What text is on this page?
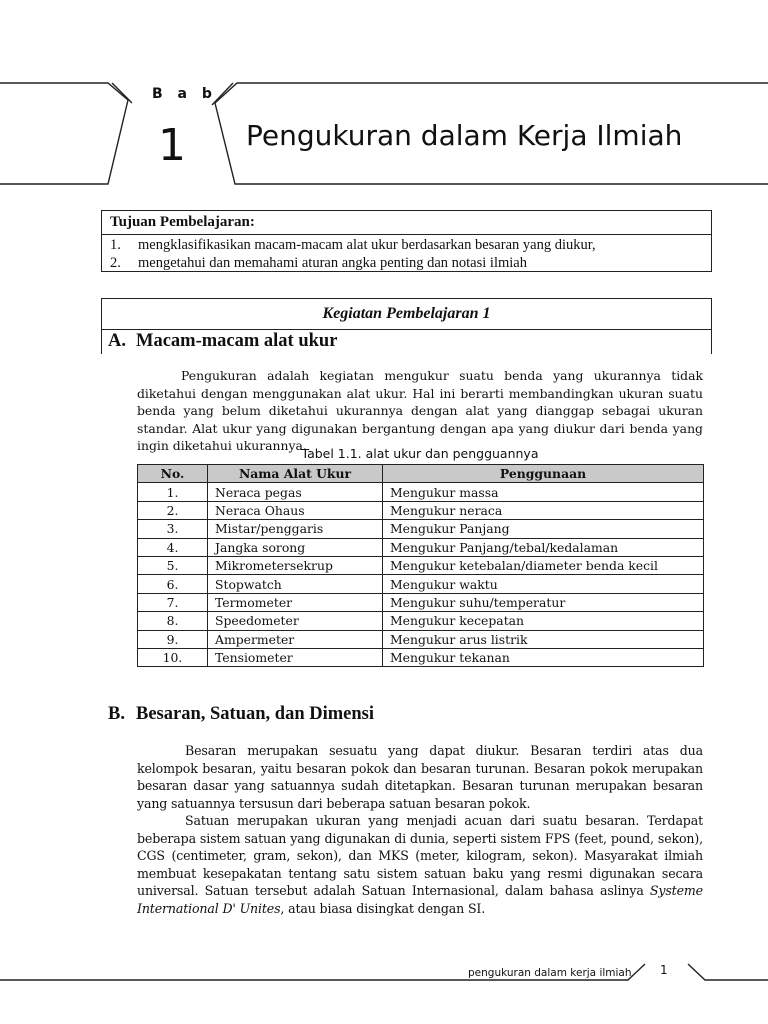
B a b
1 Pengukuran dalam Kerja Ilmiah
Tujuan Pembelajaran:
1. mengklasifikasikan macam-macam alat ukur berdasarkan besaran yang diukur,
2. mengetahui dan memahami aturan angka penting dan notasi ilmiah
Kegiatan Pembelajaran 1
A. Macam-macam alat ukur

Pengukuran adalah kegiatan mengukur suatu benda yang ukurannya tidak diketahui dengan menggunakan alat ukur. Hal ini berarti membandingkan ukuran suatu benda yang belum diketahui ukurannya dengan alat yang dianggap sebagai ukuran standar. Alat ukur yang digunakan bergantung dengan apa yang diukur dari benda yang ingin diketahui ukurannya.

Tabel 1.1. alat ukur dan pengguannya
No.	Nama Alat Ukur	Penggunaan
1.	Neraca pegas	Mengukur massa
2.	Neraca Ohaus	Mengukur neraca
3.	Mistar/penggaris	Mengukur Panjang
4.	Jangka sorong	Mengukur Panjang/tebal/kedalaman
5.	Mikrometersekrup	Mengukur ketebalan/diameter benda kecil
6.	Stopwatch	Mengukur waktu
7.	Termometer	Mengukur suhu/temperatur
8.	Speedometer	Mengukur kecepatan
9.	Ampermeter	Mengukur arus listrik
10.	Tensiometer	Mengukur tekanan
B. Besaran, Satuan, dan Dimensi

Besaran merupakan sesuatu yang dapat diukur. Besaran terdiri atas dua kelompok besaran, yaitu besaran pokok dan besaran turunan. Besaran pokok merupakan besaran dasar yang satuannya sudah ditetapkan. Besaran turunan merupakan besaran yang satuannya tersusun dari beberapa satuan besaran pokok.

Satuan merupakan ukuran yang menjadi acuan dari suatu besaran. Terdapat beberapa sistem satuan yang digunakan di dunia, seperti sistem FPS (feet, pound, sekon), CGS (centimeter, gram, sekon), dan MKS (meter, kilogram, sekon). Masyarakat ilmiah membuat kesepakatan tentang satu sistem satuan baku yang resmi digunakan secara universal. Satuan tersebut adalah Satuan Internasional, dalam bahasa aslinya Systeme International D' Unites, atau biasa disingkat dengan SI.

pengukuran dalam kerja ilmiah 1
